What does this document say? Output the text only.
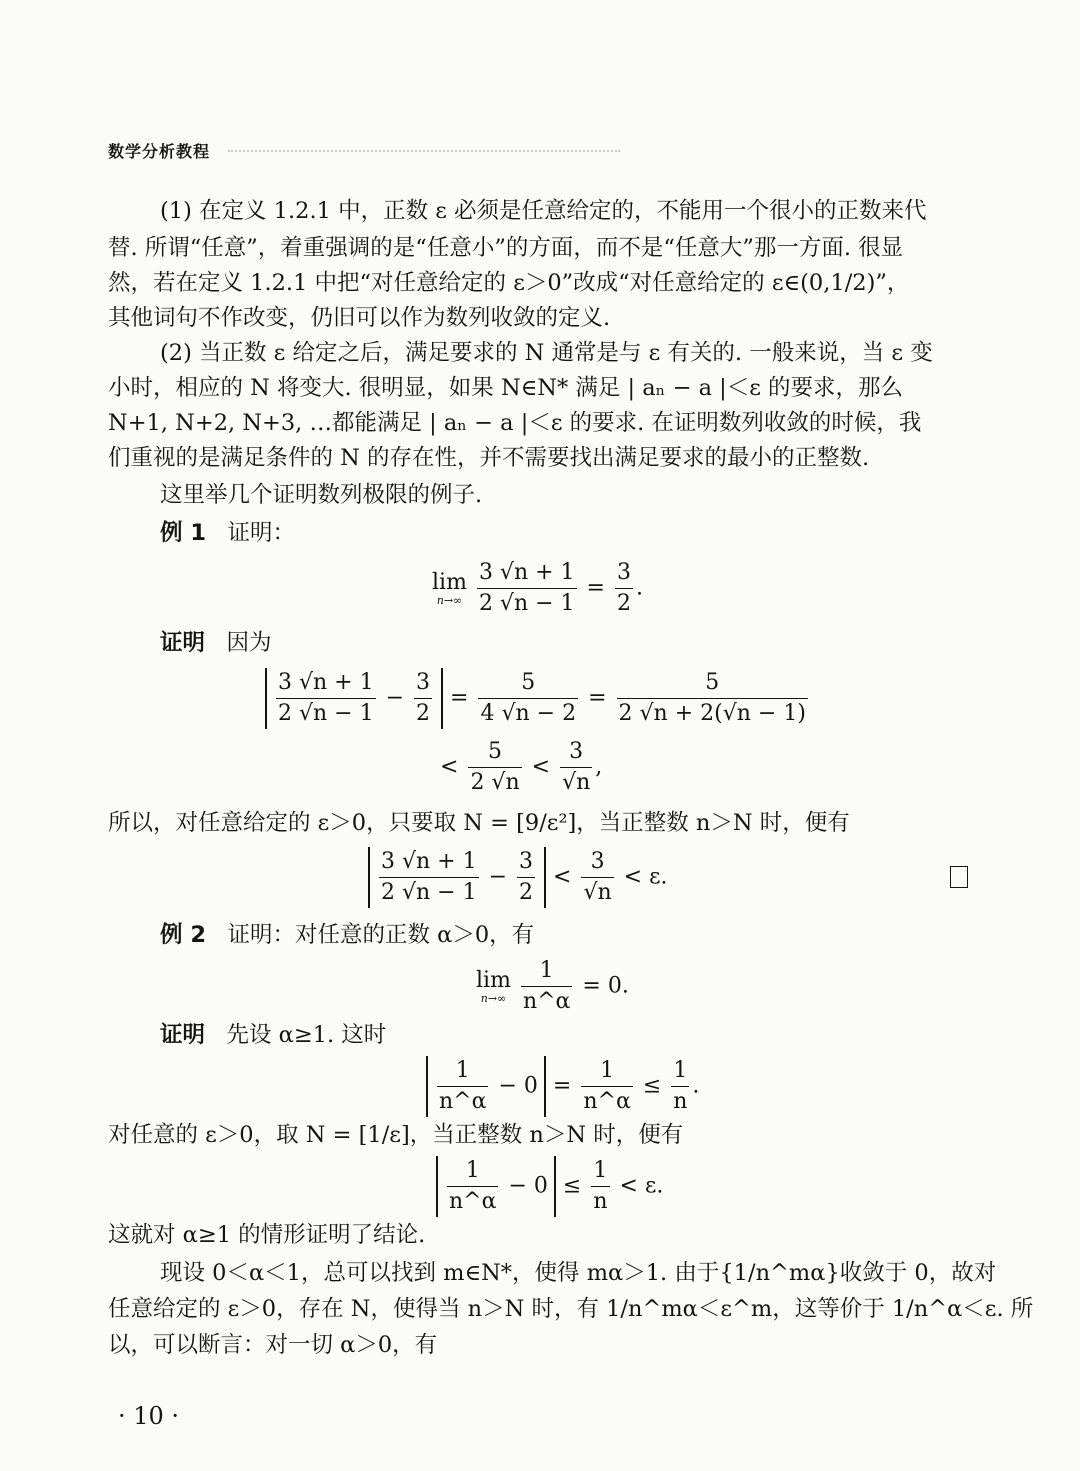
数学分析教程
(1) 在定义 1.2.1 中，正数 ε 必须是任意给定的，不能用一个很小的正数来代
替. 所谓“任意”，着重强调的是“任意小”的方面，而不是“任意大”那一方面. 很显
然，若在定义 1.2.1 中把“对任意给定的 ε＞0”改成“对任意给定的 ε∈(0,1/2)”，
其他词句不作改变，仍旧可以作为数列收敛的定义.
(2) 当正数 ε 给定之后，满足要求的 N 通常是与 ε 有关的. 一般来说，当 ε 变
小时，相应的 N 将变大. 很明显，如果 N∈N* 满足 | aₙ − a |＜ε 的要求，那么
N+1, N+2, N+3, …都能满足 | aₙ − a |＜ε 的要求. 在证明数列收敛的时候，我
们重视的是满足条件的 N 的存在性，并不需要找出满足要求的最小的正整数.
这里举几个证明数列极限的例子.
例 1 证明：
lim
n→∞
$\frac{3 √n + 1}{2 √n - 1} = \frac{3}{2}$ .
证明 因为
$\frac{3 √n + 1}{2 √n - 1} - \frac{3}{2} = \frac{5}{4 √n - 2} = \frac{5}{2 √n + 2(√n - 1)}$
< $\frac{5}{2 √n} < \frac{3}{√n}$ ,
所以，对任意给定的 ε＞0，只要取 N = [9/ε²]，当正整数 n＞N 时，便有
$\frac{3 √n + 1}{2 √n - 1} - \frac{3}{2} < \frac{3}{√n} < \varepsilon$.
例 2 证明：对任意的正数 α＞0，有
lim
n→∞
$\frac{1}{n\^{}\alpha} = 0$.
证明 先设 α≥1. 这时
$\frac{1}{n\^{}\alpha} - 0 = \frac{1}{n\^{}\alpha} \le \frac{1}{n}$ .
对任意的 ε＞0，取 N = [1/ε]，当正整数 n＞N 时，便有
$\frac{1}{n\^{}\alpha} - 0 \le \frac{1}{n} < \varepsilon$.
这就对 α≥1 的情形证明了结论.
现设 0＜α＜1，总可以找到 m∈N*，使得 mα＞1. 由于{1/n^mα}收敛于 0，故对
任意给定的 ε＞0，存在 N，使得当 n＞N 时，有 1/n^mα＜ε^m，这等价于 1/n^α＜ε. 所
以，可以断言：对一切 α＞0，有
· 10 ·
